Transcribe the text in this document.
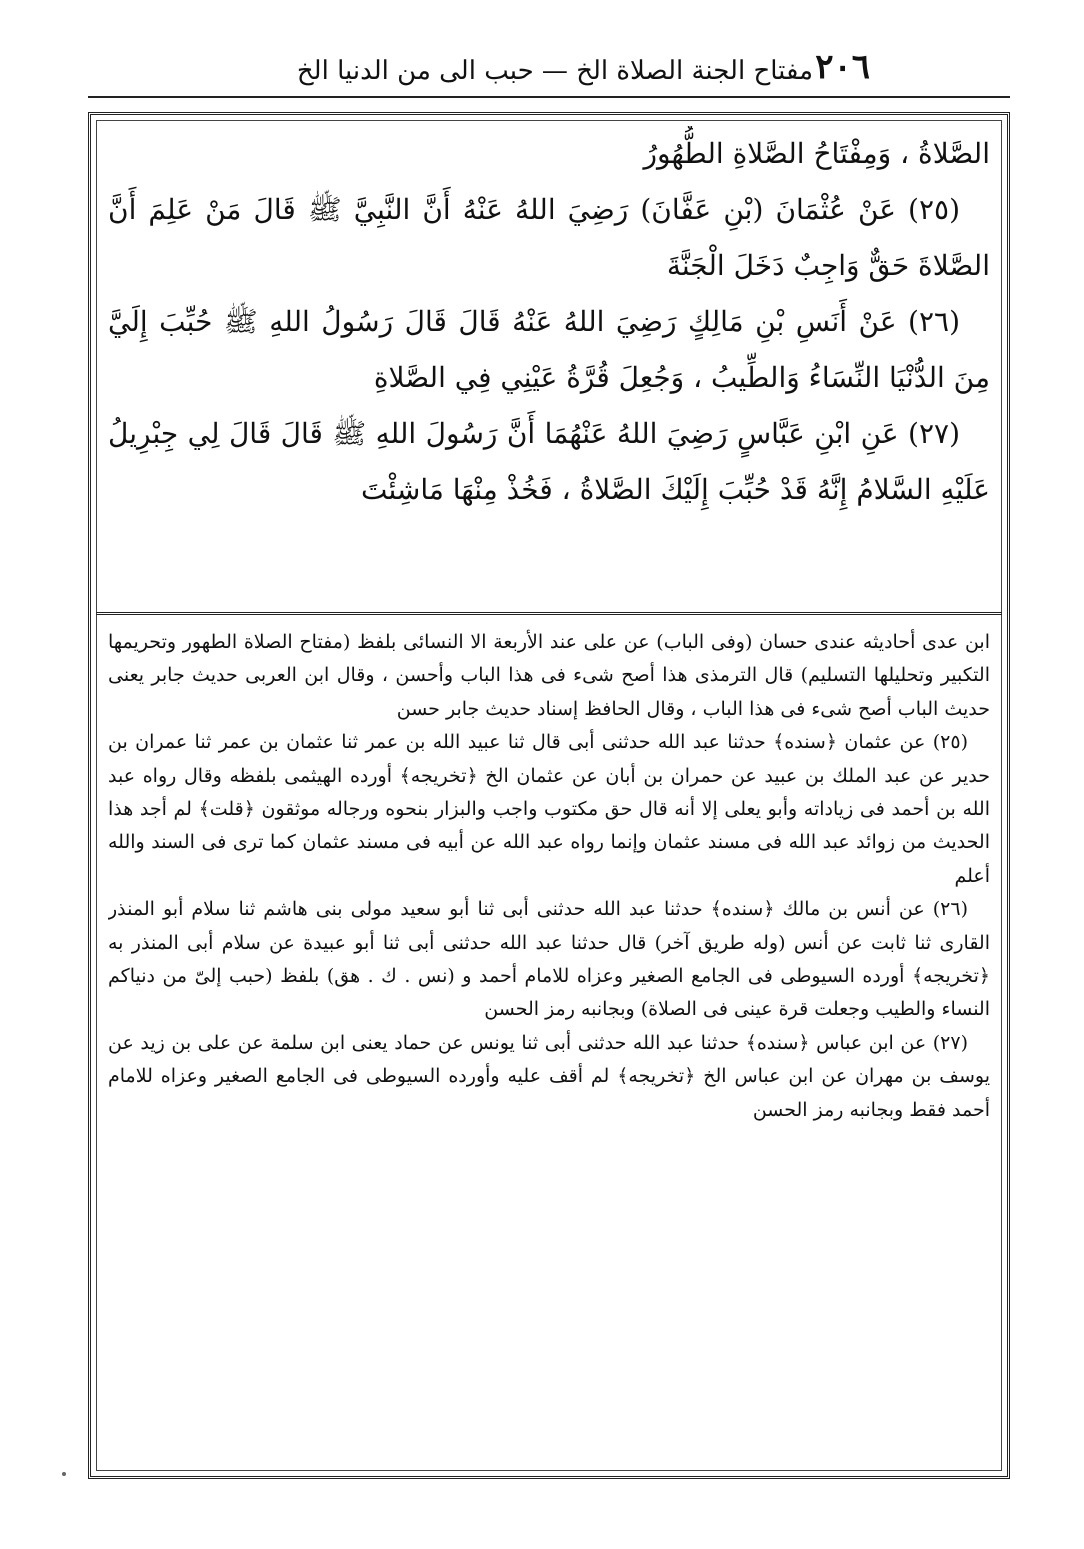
٢٠٦
مفتاح الجنة الصلاة الخ — حبب الى من الدنيا الخ

الصَّلاةُ ، وَمِفْتَاحُ الصَّلاةِ الطُّهُورُ

(٢٥) عَنْ عُثْمَانَ (بْنِ عَفَّانَ) رَضِيَ اللهُ عَنْهُ أَنَّ النَّبِيَّ ﷺ قَالَ مَنْ عَلِمَ أَنَّ الصَّلاةَ حَقٌّ وَاجِبٌ دَخَلَ الْجَنَّةَ

(٢٦) عَنْ أَنَسِ بْنِ مَالِكٍ رَضِيَ اللهُ عَنْهُ قَالَ قَالَ رَسُولُ اللهِ ﷺ حُبِّبَ إِلَيَّ مِنَ الدُّنْيَا النِّسَاءُ وَالطِّيبُ ، وَجُعِلَ قُرَّةُ عَيْنِي فِي الصَّلاةِ

(٢٧) عَنِ ابْنِ عَبَّاسٍ رَضِيَ اللهُ عَنْهُمَا أَنَّ رَسُولَ اللهِ ﷺ قَالَ قَالَ لِي جِبْرِيلُ عَلَيْهِ السَّلامُ إِنَّهُ قَدْ حُبِّبَ إِلَيْكَ الصَّلاةُ ، فَخُذْ مِنْهَا مَاشِئْتَ

ابن عدى أحاديثه عندى حسان (وفى الباب) عن على عند الأربعة الا النسائى بلفظ (مفتاح الصلاة الطهور وتحريمها التكبير وتحليلها التسليم) قال الترمذى هذا أصح شىء فى هذا الباب وأحسن ، وقال ابن العربى حديث جابر يعنى حديث الباب أصح شىء فى هذا الباب ، وقال الحافظ إسناد حديث جابر حسن

(٢٥) عن عثمان ﴿سنده﴾ حدثنا عبد الله حدثنى أبى قال ثنا عبيد الله بن عمر ثنا عثمان بن عمر ثنا عمران بن حدير عن عبد الملك بن عبيد عن حمران بن أبان عن عثمان الخ ﴿تخريجه﴾ أورده الهيثمى بلفظه وقال رواه عبد الله بن أحمد فى زياداته وأبو يعلى إلا أنه قال حق مكتوب واجب والبزار بنحوه ورجاله موثقون ﴿قلت﴾ لم أجد هذا الحديث من زوائد عبد الله فى مسند عثمان وإنما رواه عبد الله عن أبيه فى مسند عثمان كما ترى فى السند والله أعلم

(٢٦) عن أنس بن مالك ﴿سنده﴾ حدثنا عبد الله حدثنى أبى ثنا أبو سعيد مولى بنى هاشم ثنا سلام أبو المنذر القارى ثنا ثابت عن أنس (وله طريق آخر) قال حدثنا عبد الله حدثنى أبى ثنا أبو عبيدة عن سلام أبى المنذر به ﴿تخريجه﴾ أورده السيوطى فى الجامع الصغير وعزاه للامام أحمد و (نس . ك . هق) بلفظ (حبب إلىّ من دنياكم النساء والطيب وجعلت قرة عينى فى الصلاة) وبجانبه رمز الحسن

(٢٧) عن ابن عباس ﴿سنده﴾ حدثنا عبد الله حدثنى أبى ثنا يونس عن حماد يعنى ابن سلمة عن على بن زيد عن يوسف بن مهران عن ابن عباس الخ ﴿تخريجه﴾ لم أقف عليه وأورده السيوطى فى الجامع الصغير وعزاه للامام أحمد فقط وبجانبه رمز الحسن
